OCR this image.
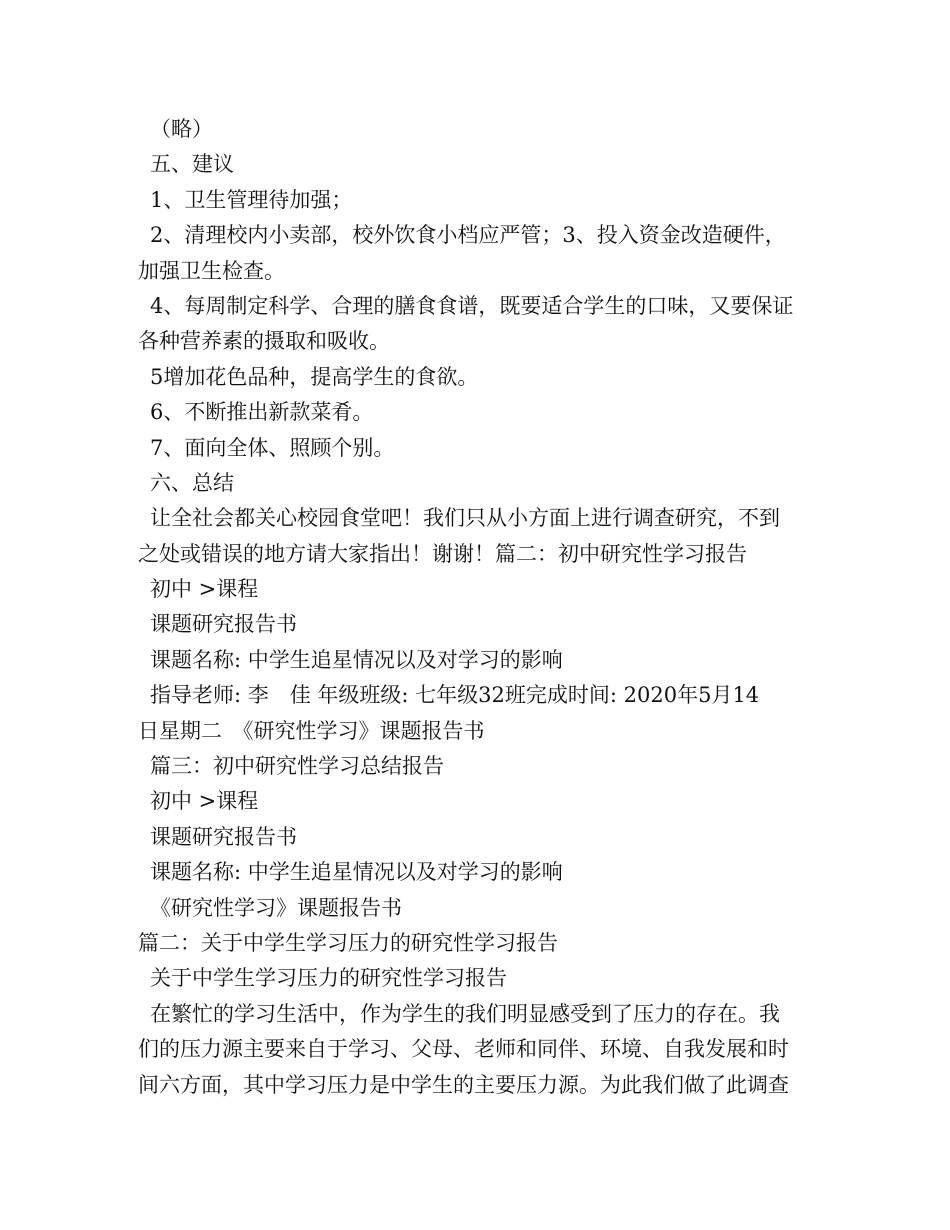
（略）
五、建议
1、卫生管理待加强；
2、清理校内小卖部，校外饮食小档应严管；3、投入资金改造硬件，
加强卫生检查。
4、每周制定科学、合理的膳食食谱，既要适合学生的口味，又要保证
各种营养素的摄取和吸收。
5增加花色品种，提高学生的食欲。
6、不断推出新款菜肴。
7、面向全体、照顾个别。
六、总结
让全社会都关心校园食堂吧！我们只从小方面上进行调查研究，不到
之处或错误的地方请大家指出！谢谢！篇二：初中研究性学习报告
初中 >课程
课题研究报告书
课题名称: 中学生追星情况以及对学习的影响
指导老师: 李　佳 年级班级: 七年级32班完成时间: 2020年5月14
日星期二　《研究性学习》课题报告书
篇三：初中研究性学习总结报告
初中 >课程
课题研究报告书
课题名称: 中学生追星情况以及对学习的影响
《研究性学习》课题报告书
篇二：关于中学生学习压力的研究性学习报告
关于中学生学习压力的研究性学习报告
在繁忙的学习生活中，作为学生的我们明显感受到了压力的存在。我
们的压力源主要来自于学习、父母、老师和同伴、环境、自我发展和时
间六方面，其中学习压力是中学生的主要压力源。为此我们做了此调查
